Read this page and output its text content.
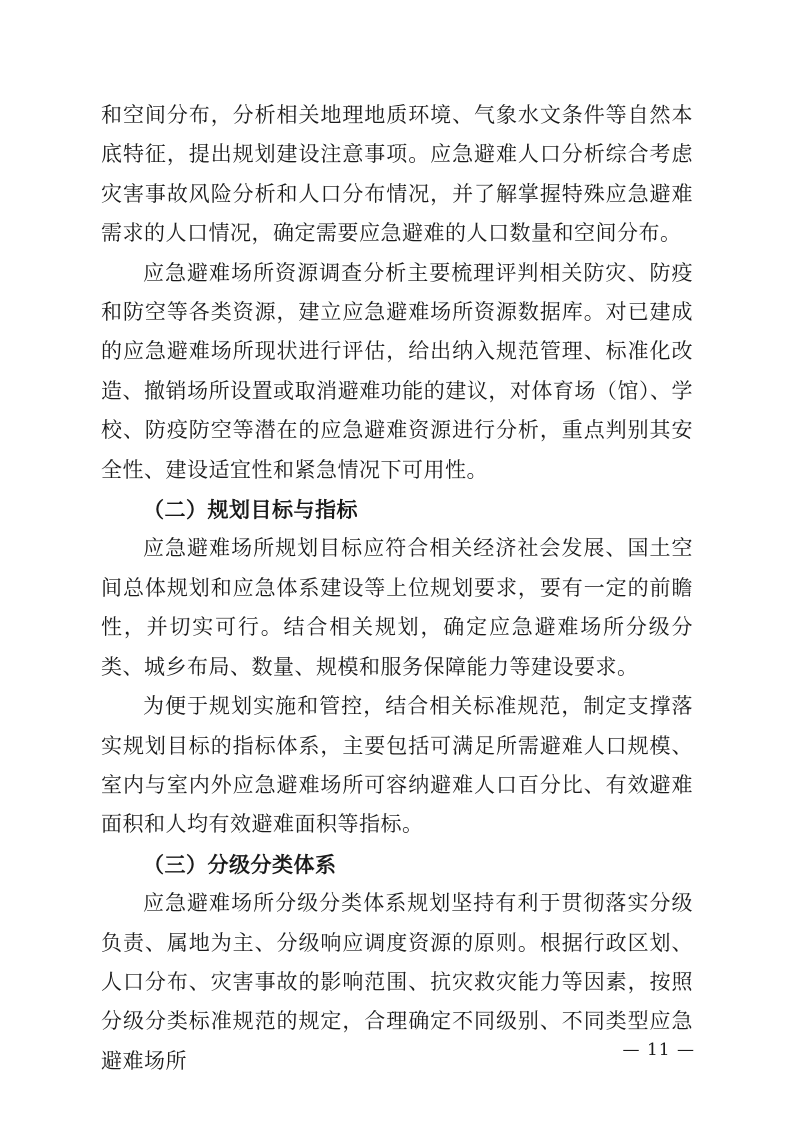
和空间分布，分析相关地理地质环境、气象水文条件等自然本底特征，提出规划建设注意事项。应急避难人口分析综合考虑灾害事故风险分析和人口分布情况，并了解掌握特殊应急避难需求的人口情况，确定需要应急避难的人口数量和空间分布。

应急避难场所资源调查分析主要梳理评判相关防灾、防疫和防空等各类资源，建立应急避难场所资源数据库。对已建成的应急避难场所现状进行评估，给出纳入规范管理、标准化改造、撤销场所设置或取消避难功能的建议，对体育场（馆）、学校、防疫防空等潜在的应急避难资源进行分析，重点判别其安全性、建设适宜性和紧急情况下可用性。

（二）规划目标与指标

应急避难场所规划目标应符合相关经济社会发展、国土空间总体规划和应急体系建设等上位规划要求，要有一定的前瞻性，并切实可行。结合相关规划，确定应急避难场所分级分类、城乡布局、数量、规模和服务保障能力等建设要求。

为便于规划实施和管控，结合相关标准规范，制定支撑落实规划目标的指标体系，主要包括可满足所需避难人口规模、室内与室内外应急避难场所可容纳避难人口百分比、有效避难面积和人均有效避难面积等指标。

（三）分级分类体系

应急避难场所分级分类体系规划坚持有利于贯彻落实分级负责、属地为主、分级响应调度资源的原则。根据行政区划、人口分布、灾害事故的影响范围、抗灾救灾能力等因素，按照分级分类标准规范的规定，合理确定不同级别、不同类型应急避难场所	— 11 —
